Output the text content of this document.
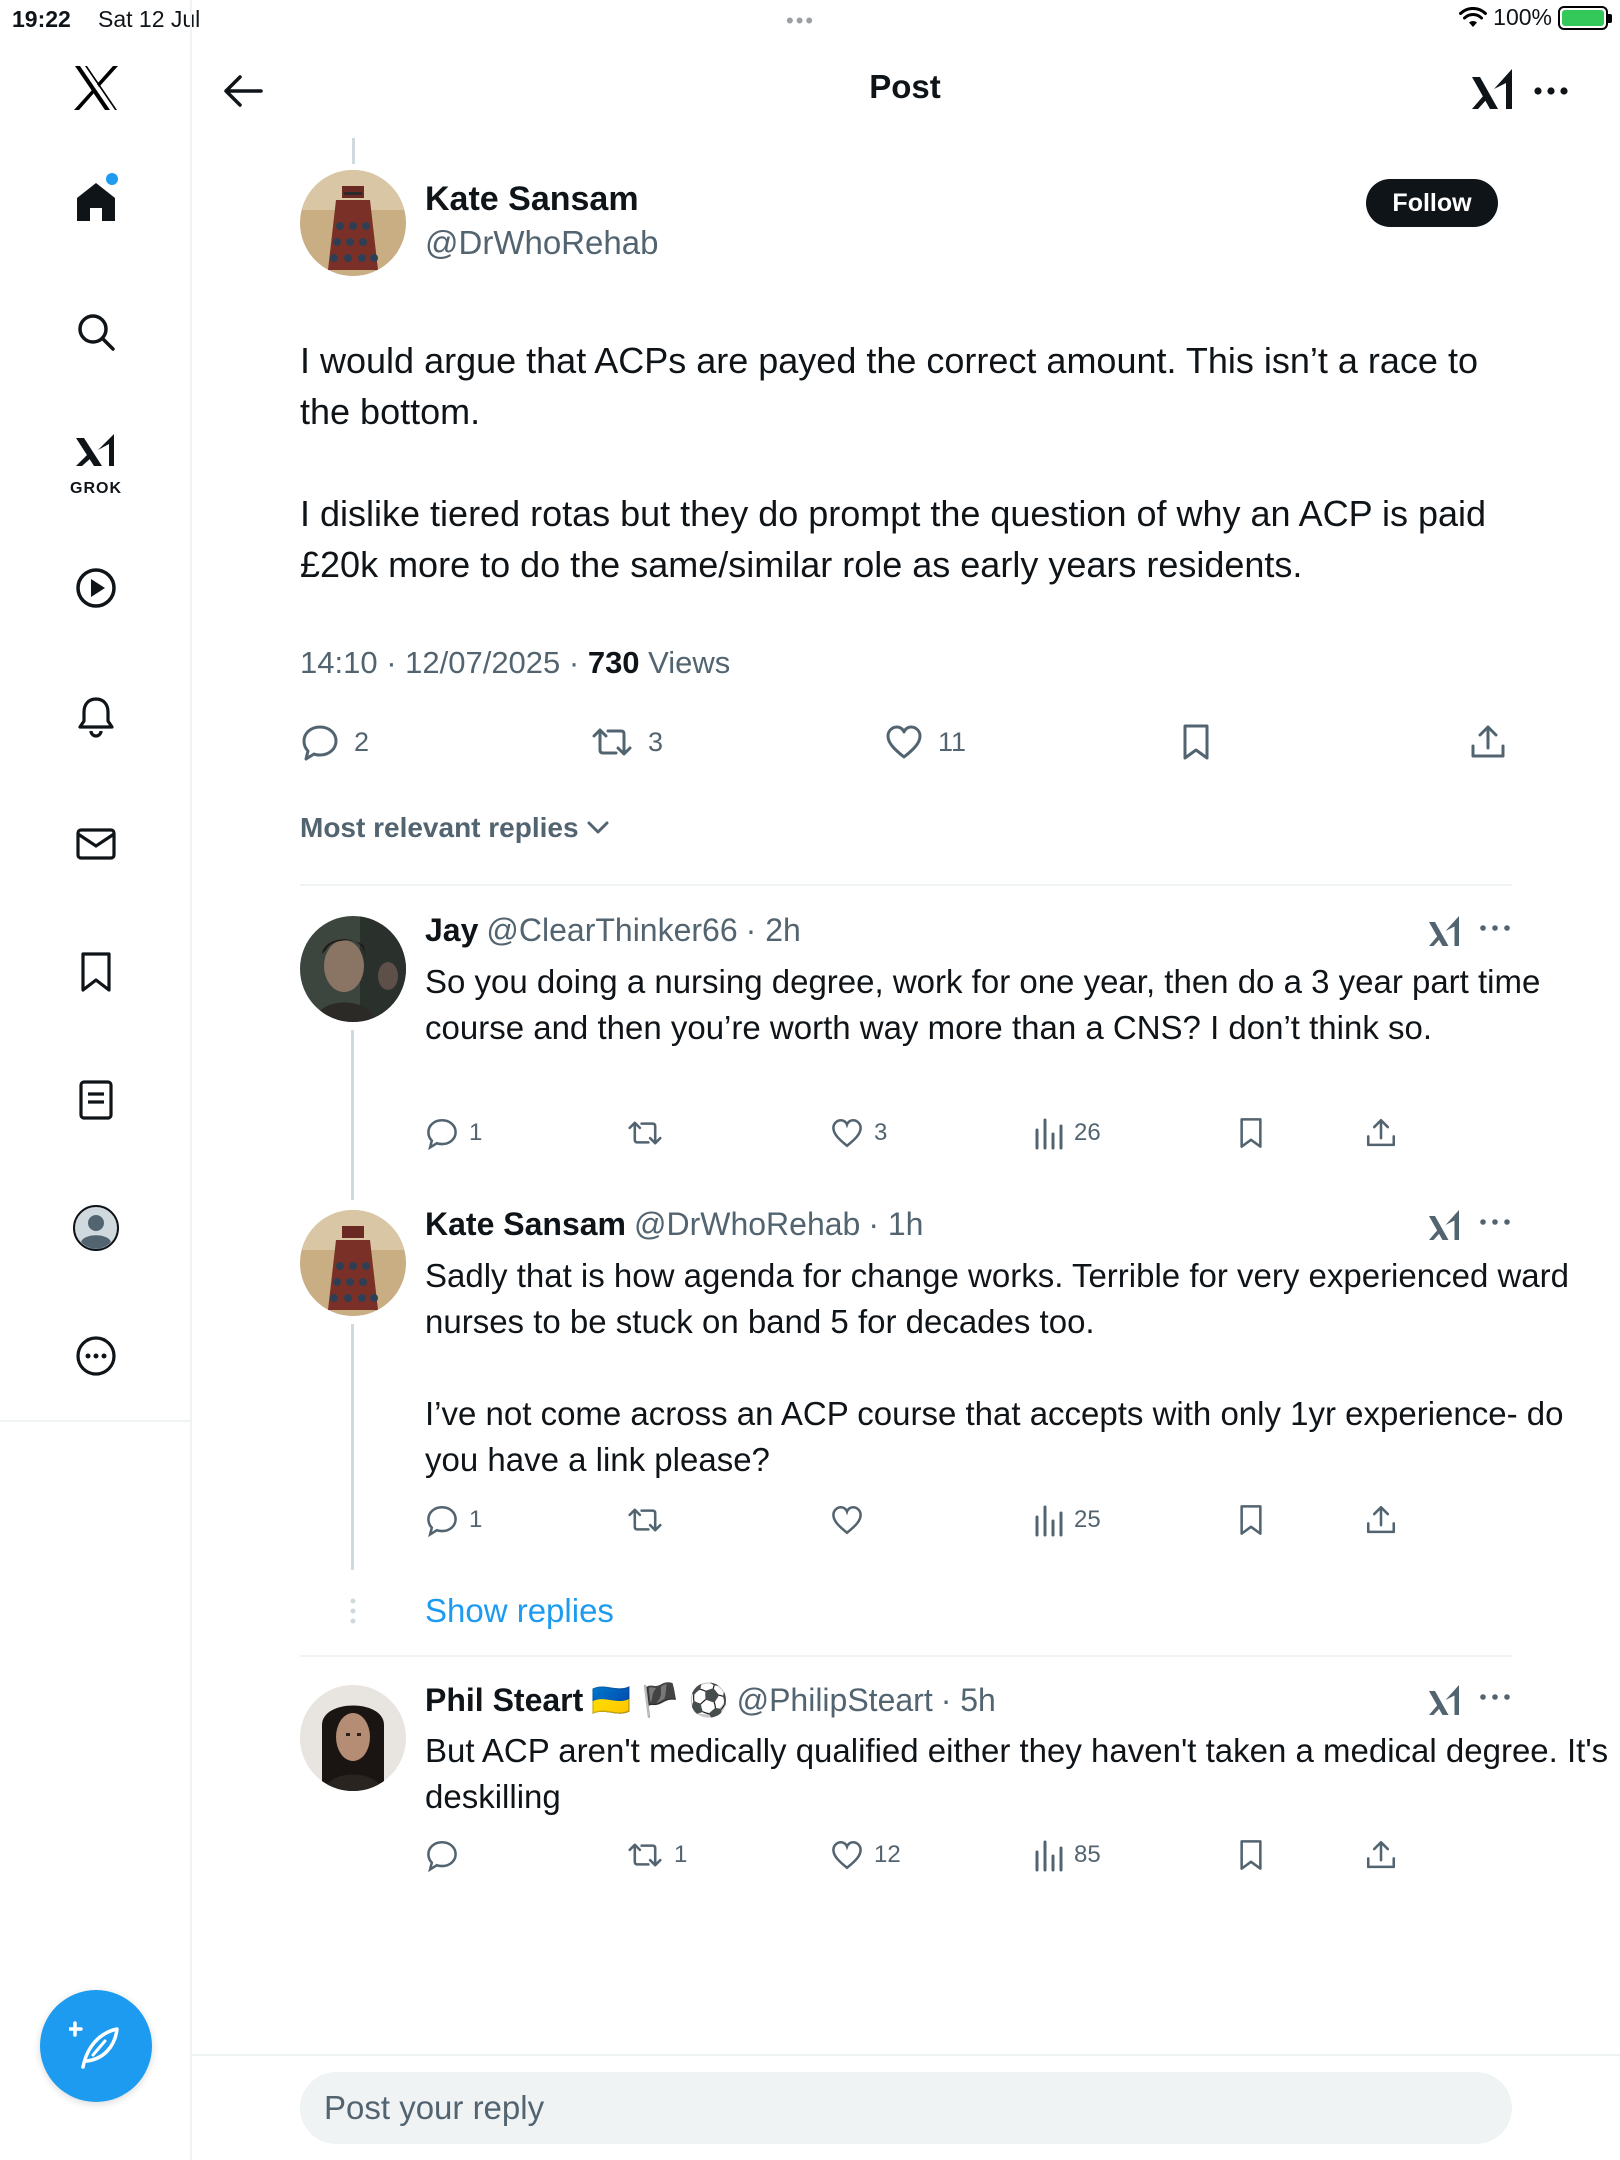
19:22 Sat 12 Jul	•••	100%
GROK
Post
Kate Sansam
@DrWhoRehab
Follow

I would argue that ACPs are payed the correct amount. This isn’t a race to the bottom.

I dislike tiered rotas but they do prompt the question of why an ACP is paid £20k more to do the same/similar role as early years residents.

14:10 · 12/07/2025 · 730 Views
2	3	11
Most relevant replies
Jay @ClearThinker66 · 2h
So you doing a nursing degree, work for one year, then do a 3 year part time course and then you’re worth way more than a CNS? I don’t think so.
1	3	26
Kate Sansam @DrWhoRehab · 1h

Sadly that is how agenda for change works. Terrible for very experienced ward nurses to be stuck on band 5 for decades too.

I’ve not come across an ACP course that accepts with only 1yr experience- do you have a link please?

1	25
Show replies
Phil Steart 🇺🇦 🏴 ⚽ @PhilipSteart · 5h
But ACP aren't medically qualified either they haven't taken a medical degree. It's deskilling
1	12	85
Post your reply
